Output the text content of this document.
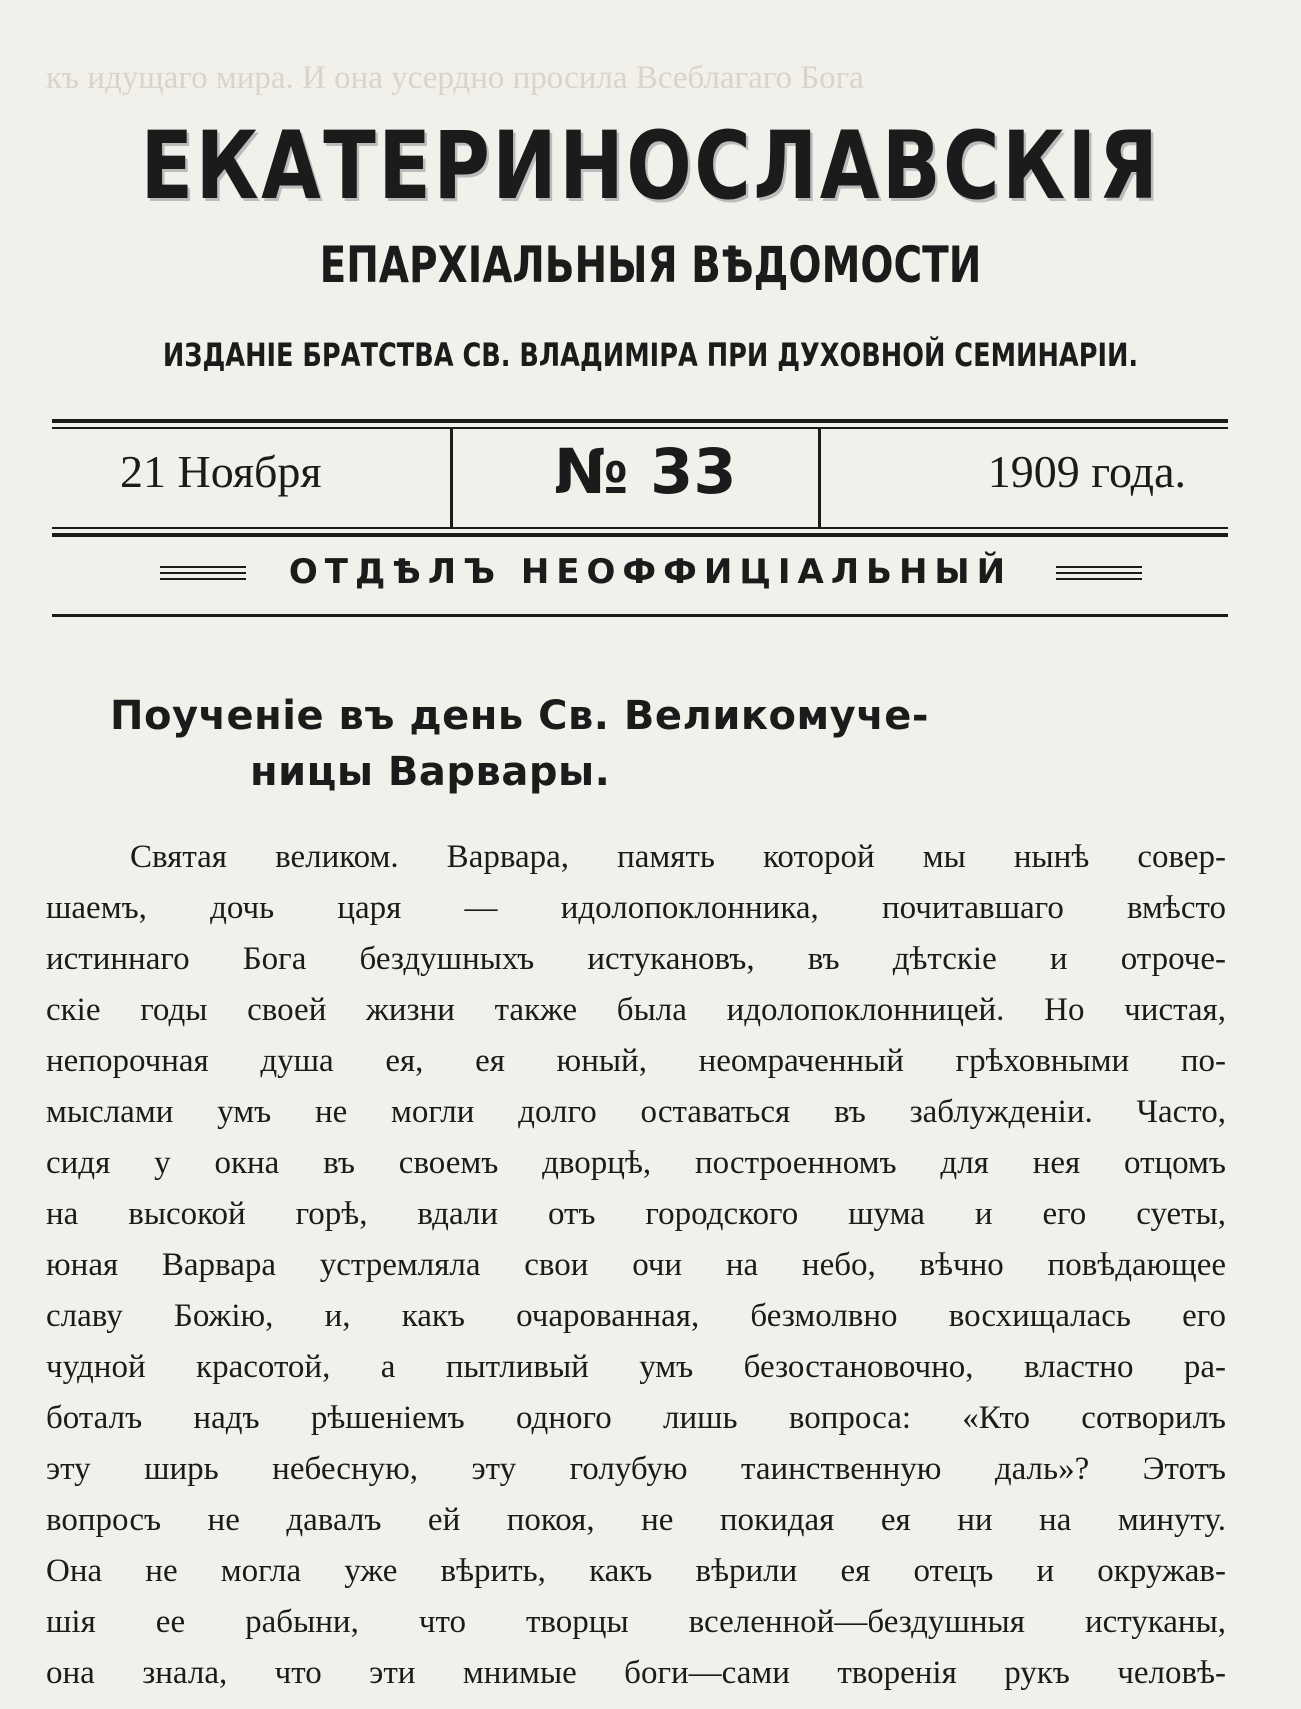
къ идущаго мира. И она усердно просила Всеблагаго Бога
ЕКАТЕРИНОСЛАВСКІЯ
ЕПАРХІАЛЬНЫЯ ВѢДОМОСТИ
ИЗДАНІЕ БРАТСТВА СВ. ВЛАДИМІРА ПРИ ДУХОВНОЙ СЕМИНАРІИ.
21 Ноября	№ 33	1909 года.
ОТДѢЛЪ НЕОФФИЦІАЛЬНЫЙ
Поученіе въ день Св. Великомуче-
ницы Варвары.
Святая великом. Варвара, память которой мы нынѣ совер-
шаемъ, дочь царя — идолопоклонника, почитавшаго вмѣсто
истиннаго Бога бездушныхъ истукановъ, въ дѣтскіе и отроче-
скіе годы своей жизни также была идолопоклонницей. Но чистая,
непорочная душа ея, ея юный, неомраченный грѣховными по-
мыслами умъ не могли долго оставаться въ заблужденіи. Часто,
сидя у окна въ своемъ дворцѣ, построенномъ для нея отцомъ
на высокой горѣ, вдали отъ городского шума и его суеты,
юная Варвара устремляла свои очи на небо, вѣчно повѣдающее
славу Божію, и, какъ очарованная, безмолвно восхищалась его
чудной красотой, а пытливый умъ безостановочно, властно ра-
боталъ надъ рѣшеніемъ одного лишь вопроса: «Кто сотворилъ
эту ширь небесную, эту голубую таинственную даль»? Этотъ
вопросъ не давалъ ей покоя, не покидая ея ни на минуту.
Она не могла уже вѣрить, какъ вѣрили ея отецъ и окружав-
шія ее рабыни, что творцы вселенной—бездушныя истуканы,
она знала, что эти мнимые боги—сами творенія рукъ человѣ-
